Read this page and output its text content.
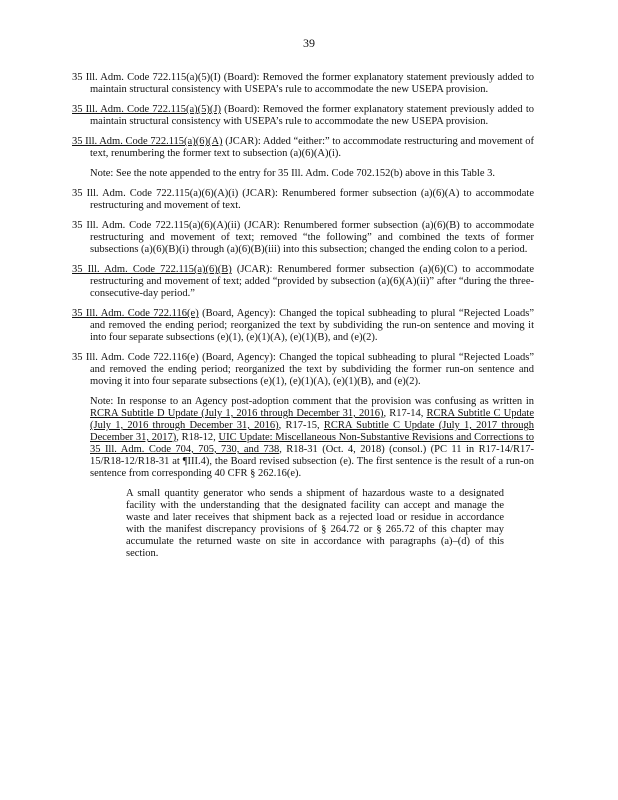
39

35 Ill. Adm. Code 722.115(a)(5)(I) (Board): Removed the former explanatory statement previously added to maintain structural consistency with USEPA’s rule to accommodate the new USEPA provision.

35 Ill. Adm. Code 722.115(a)(5)(J) (Board): Removed the former explanatory statement previously added to maintain structural consistency with USEPA’s rule to accommodate the new USEPA provision.

35 Ill. Adm. Code 722.115(a)(6)(A) (JCAR): Added “either:” to accommodate restructuring and movement of text, renumbering the former text to subsection (a)(6)(A)(i).

Note: See the note appended to the entry for 35 Ill. Adm. Code 702.152(b) above in this Table 3.

35 Ill. Adm. Code 722.115(a)(6)(A)(i) (JCAR): Renumbered former subsection (a)(6)(A) to accommodate restructuring and movement of text.

35 Ill. Adm. Code 722.115(a)(6)(A)(ii) (JCAR): Renumbered former subsection (a)(6)(B) to accommodate restructuring and movement of text; removed “the following” and combined the texts of former subsections (a)(6)(B)(i) through (a)(6)(B)(iii) into this subsection; changed the ending colon to a period.

35 Ill. Adm. Code 722.115(a)(6)(B) (JCAR): Renumbered former subsection (a)(6)(C) to accommodate restructuring and movement of text; added “provided by subsection (a)(6)(A)(ii)” after “during the three-consecutive-day period.”

35 Ill. Adm. Code 722.116(e) (Board, Agency): Changed the topical subheading to plural “Rejected Loads” and removed the ending period; reorganized the text by subdividing the run-on sentence and moving it into four separate subsections (e)(1), (e)(1)(A), (e)(1)(B), and (e)(2).

35 Ill. Adm. Code 722.116(e) (Board, Agency): Changed the topical subheading to plural “Rejected Loads” and removed the ending period; reorganized the text by subdividing the former run-on sentence and moving it into four separate subsections (e)(1), (e)(1)(A), (e)(1)(B), and (e)(2).

Note: In response to an Agency post-adoption comment that the provision was confusing as written in RCRA Subtitle D Update (July 1, 2016 through December 31, 2016), R17-14, RCRA Subtitle C Update (July 1, 2016 through December 31, 2016), R17-15, RCRA Subtitle C Update (July 1, 2017 through December 31, 2017), R18-12, UIC Update: Miscellaneous Non-Substantive Revisions and Corrections to 35 Ill. Adm. Code 704, 705, 730, and 738, R18-31 (Oct. 4, 2018) (consol.) (PC 11 in R17-14/R17-15/R18-12/R18-31 at ¶III.4), the Board revised subsection (e). The first sentence is the result of a run-on sentence from corresponding 40 CFR § 262.16(e).

A small quantity generator who sends a shipment of hazardous waste to a designated facility with the understanding that the designated facility can accept and manage the waste and later receives that shipment back as a rejected load or residue in accordance with the manifest discrepancy provisions of § 264.72 or § 265.72 of this chapter may accumulate the returned waste on site in accordance with paragraphs (a)–(d) of this section.
